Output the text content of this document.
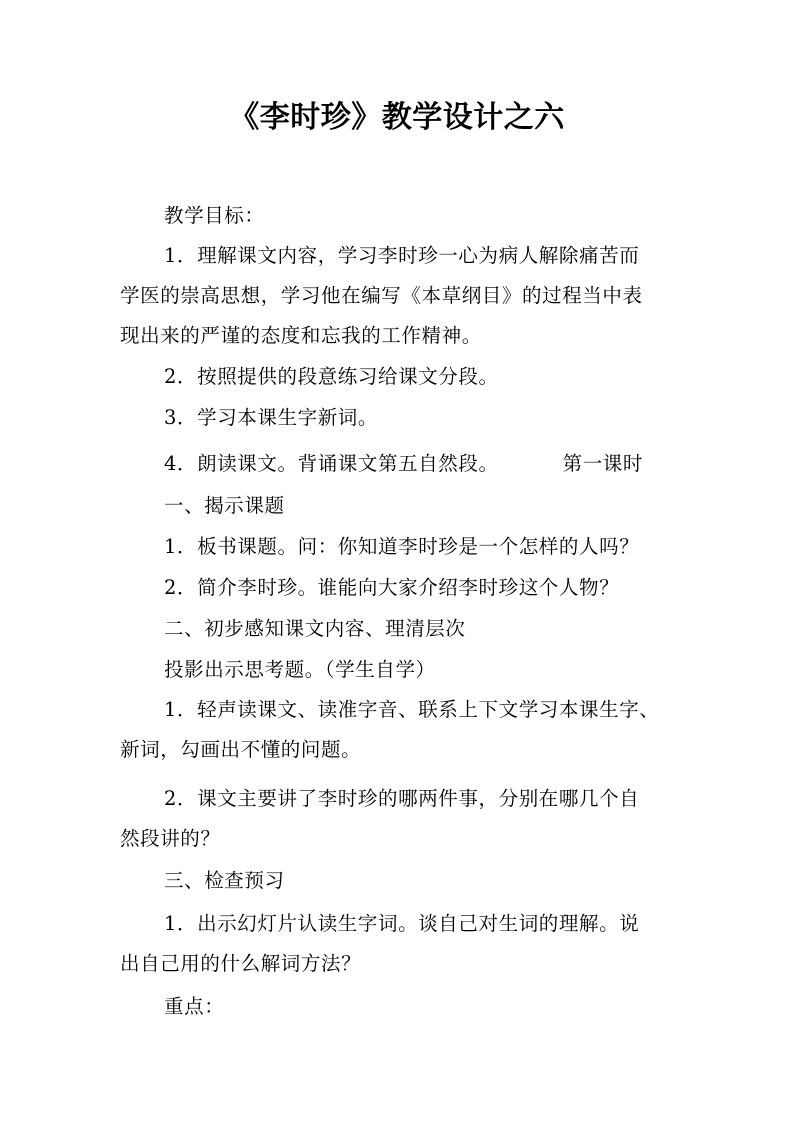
《李时珍》教学设计之六
教学目标：
1．理解课文内容，学习李时珍一心为病人解除痛苦而
学医的崇高思想，学习他在编写《本草纲目》的过程当中表
现出来的严谨的态度和忘我的工作精神。
2．按照提供的段意练习给课文分段。
3．学习本课生字新词。
4．朗读课文。背诵课文第五自然段。	第一课时
一、揭示课题
1．板书课题。问：你知道李时珍是一个怎样的人吗？
2．简介李时珍。谁能向大家介绍李时珍这个人物？
二、初步感知课文内容、理清层次
投影出示思考题。（学生自学）
1．轻声读课文、读准字音、联系上下文学习本课生字、
新词，勾画出不懂的问题。
2．课文主要讲了李时珍的哪两件事，分别在哪几个自
然段讲的？
三、检查预习
1．出示幻灯片认读生字词。谈自己对生词的理解。说
出自己用的什么解词方法？
重点：
